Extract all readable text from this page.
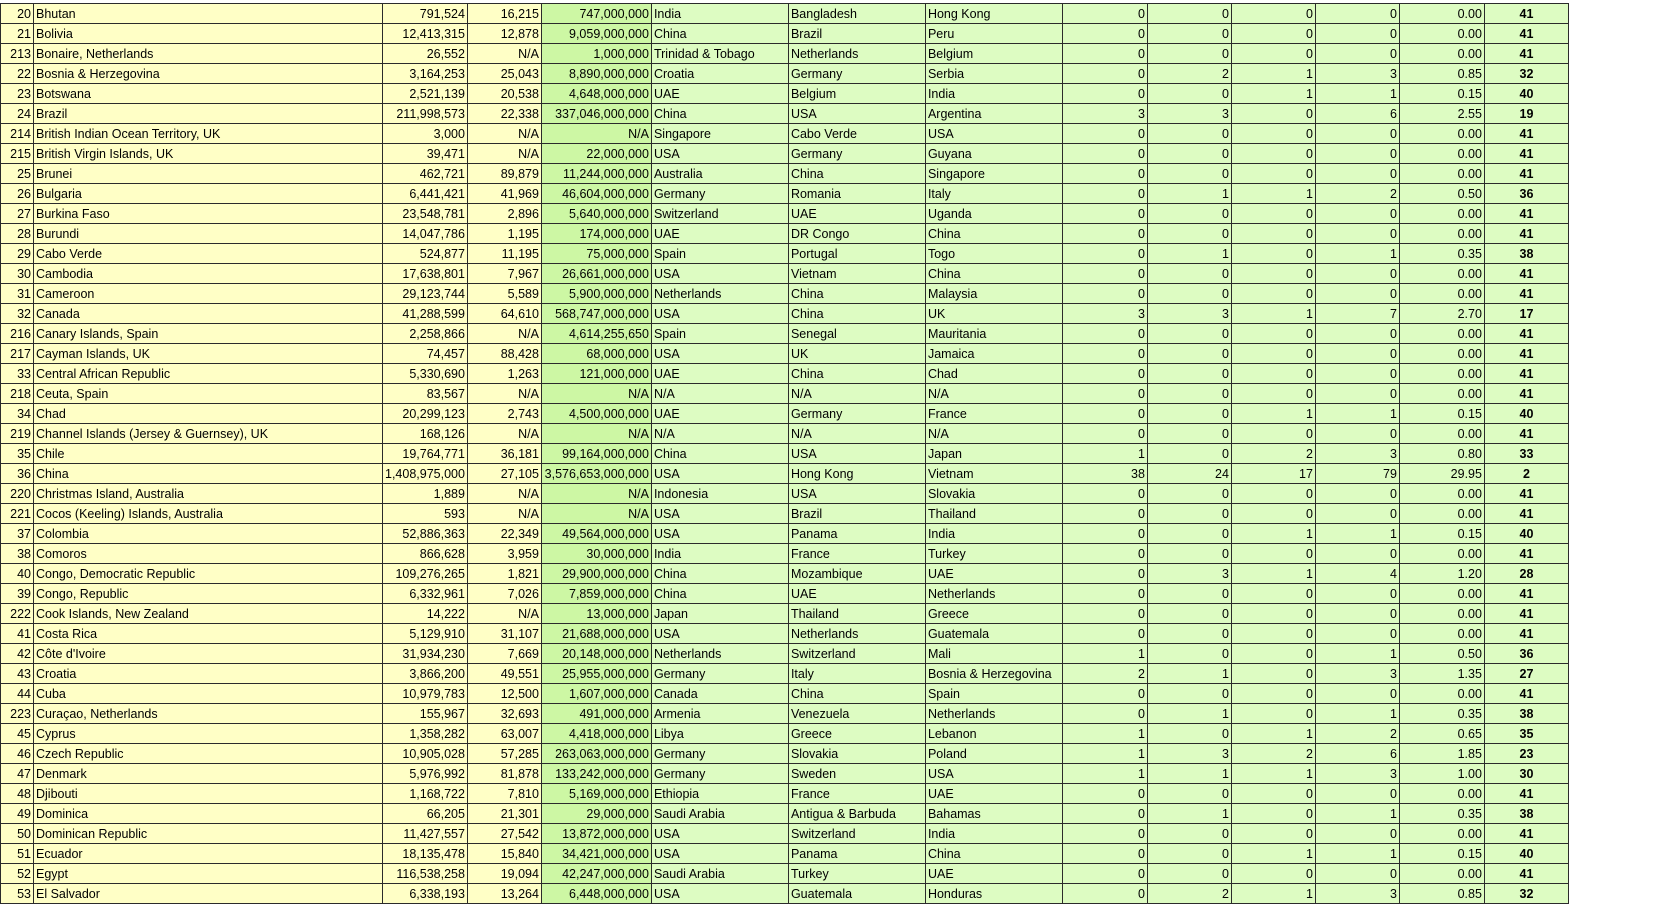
20	Bhutan	791,524	16,215	747,000,000	India	Bangladesh	Hong Kong	0	0	0	0	0.00	41
21	Bolivia	12,413,315	12,878	9,059,000,000	China	Brazil	Peru	0	0	0	0	0.00	41
213	Bonaire, Netherlands	26,552	N/A	1,000,000	Trinidad & Tobago	Netherlands	Belgium	0	0	0	0	0.00	41
22	Bosnia & Herzegovina	3,164,253	25,043	8,890,000,000	Croatia	Germany	Serbia	0	2	1	3	0.85	32
23	Botswana	2,521,139	20,538	4,648,000,000	UAE	Belgium	India	0	0	1	1	0.15	40
24	Brazil	211,998,573	22,338	337,046,000,000	China	USA	Argentina	3	3	0	6	2.55	19
214	British Indian Ocean Territory, UK	3,000	N/A	N/A	Singapore	Cabo Verde	USA	0	0	0	0	0.00	41
215	British Virgin Islands, UK	39,471	N/A	22,000,000	USA	Germany	Guyana	0	0	0	0	0.00	41
25	Brunei	462,721	89,879	11,244,000,000	Australia	China	Singapore	0	0	0	0	0.00	41
26	Bulgaria	6,441,421	41,969	46,604,000,000	Germany	Romania	Italy	0	1	1	2	0.50	36
27	Burkina Faso	23,548,781	2,896	5,640,000,000	Switzerland	UAE	Uganda	0	0	0	0	0.00	41
28	Burundi	14,047,786	1,195	174,000,000	UAE	DR Congo	China	0	0	0	0	0.00	41
29	Cabo Verde	524,877	11,195	75,000,000	Spain	Portugal	Togo	0	1	0	1	0.35	38
30	Cambodia	17,638,801	7,967	26,661,000,000	USA	Vietnam	China	0	0	0	0	0.00	41
31	Cameroon	29,123,744	5,589	5,900,000,000	Netherlands	China	Malaysia	0	0	0	0	0.00	41
32	Canada	41,288,599	64,610	568,747,000,000	USA	China	UK	3	3	1	7	2.70	17
216	Canary Islands, Spain	2,258,866	N/A	4,614,255,650	Spain	Senegal	Mauritania	0	0	0	0	0.00	41
217	Cayman Islands, UK	74,457	88,428	68,000,000	USA	UK	Jamaica	0	0	0	0	0.00	41
33	Central African Republic	5,330,690	1,263	121,000,000	UAE	China	Chad	0	0	0	0	0.00	41
218	Ceuta, Spain	83,567	N/A	N/A	N/A	N/A	N/A	0	0	0	0	0.00	41
34	Chad	20,299,123	2,743	4,500,000,000	UAE	Germany	France	0	0	1	1	0.15	40
219	Channel Islands (Jersey & Guernsey), UK	168,126	N/A	N/A	N/A	N/A	N/A	0	0	0	0	0.00	41
35	Chile	19,764,771	36,181	99,164,000,000	China	USA	Japan	1	0	2	3	0.80	33
36	China	1,408,975,000	27,105	3,576,653,000,000	USA	Hong Kong	Vietnam	38	24	17	79	29.95	2
220	Christmas Island, Australia	1,889	N/A	N/A	Indonesia	USA	Slovakia	0	0	0	0	0.00	41
221	Cocos (Keeling) Islands, Australia	593	N/A	N/A	USA	Brazil	Thailand	0	0	0	0	0.00	41
37	Colombia	52,886,363	22,349	49,564,000,000	USA	Panama	India	0	0	1	1	0.15	40
38	Comoros	866,628	3,959	30,000,000	India	France	Turkey	0	0	0	0	0.00	41
40	Congo, Democratic Republic	109,276,265	1,821	29,900,000,000	China	Mozambique	UAE	0	3	1	4	1.20	28
39	Congo, Republic	6,332,961	7,026	7,859,000,000	China	UAE	Netherlands	0	0	0	0	0.00	41
222	Cook Islands, New Zealand	14,222	N/A	13,000,000	Japan	Thailand	Greece	0	0	0	0	0.00	41
41	Costa Rica	5,129,910	31,107	21,688,000,000	USA	Netherlands	Guatemala	0	0	0	0	0.00	41
42	Côte d'Ivoire	31,934,230	7,669	20,148,000,000	Netherlands	Switzerland	Mali	1	0	0	1	0.50	36
43	Croatia	3,866,200	49,551	25,955,000,000	Germany	Italy	Bosnia & Herzegovina	2	1	0	3	1.35	27
44	Cuba	10,979,783	12,500	1,607,000,000	Canada	China	Spain	0	0	0	0	0.00	41
223	Curaçao, Netherlands	155,967	32,693	491,000,000	Armenia	Venezuela	Netherlands	0	1	0	1	0.35	38
45	Cyprus	1,358,282	63,007	4,418,000,000	Libya	Greece	Lebanon	1	0	1	2	0.65	35
46	Czech Republic	10,905,028	57,285	263,063,000,000	Germany	Slovakia	Poland	1	3	2	6	1.85	23
47	Denmark	5,976,992	81,878	133,242,000,000	Germany	Sweden	USA	1	1	1	3	1.00	30
48	Djibouti	1,168,722	7,810	5,169,000,000	Ethiopia	France	UAE	0	0	0	0	0.00	41
49	Dominica	66,205	21,301	29,000,000	Saudi Arabia	Antigua & Barbuda	Bahamas	0	1	0	1	0.35	38
50	Dominican Republic	11,427,557	27,542	13,872,000,000	USA	Switzerland	India	0	0	0	0	0.00	41
51	Ecuador	18,135,478	15,840	34,421,000,000	USA	Panama	China	0	0	1	1	0.15	40
52	Egypt	116,538,258	19,094	42,247,000,000	Saudi Arabia	Turkey	UAE	0	0	0	0	0.00	41
53	El Salvador	6,338,193	13,264	6,448,000,000	USA	Guatemala	Honduras	0	2	1	3	0.85	32
